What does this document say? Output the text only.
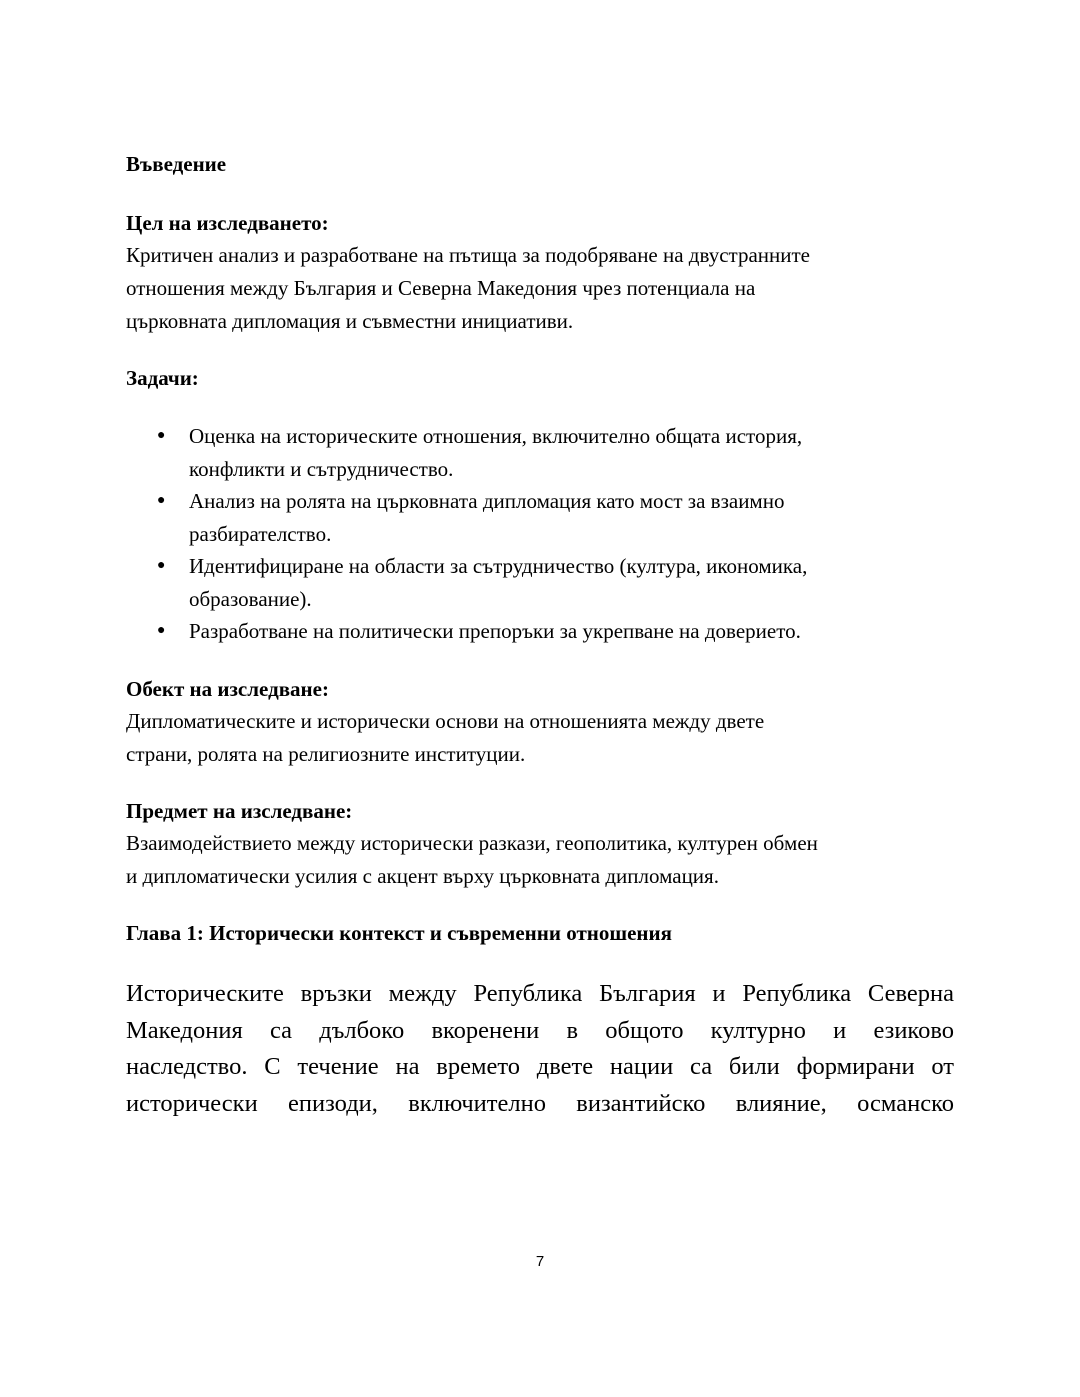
Въведение
Цел на изследването:

Критичен анализ и разработване на пътища за подобряване на двустранните
отношения между България и Северна Македония чрез потенциала на
църковната дипломация и съвместни инициативи.

Задачи:
● Оценка на историческите отношения, включително общата история,
конфликти и сътрудничество.
● Анализ на ролята на църковната дипломация като мост за взаимно
разбирателство.
● Идентифициране на области за сътрудничество (култура, икономика,
образование).
● Разработване на политически препоръки за укрепване на доверието.
Обект на изследване:

Дипломатическите и исторически основи на отношенията между двете
страни, ролята на религиозните институции.

Предмет на изследване:

Взаимодействието между исторически разкази, геополитика, културен обмен
и дипломатически усилия с акцент върху църковната дипломация.

Глава 1: Исторически контекст и съвременни отношения
Историческите връзки между Република България и Република Северна
Македония са дълбоко вкоренени в общото културно и езиково
наследство. С течение на времето двете нации са били формирани от
исторически епизоди, включително византийско влияние, османско
7
